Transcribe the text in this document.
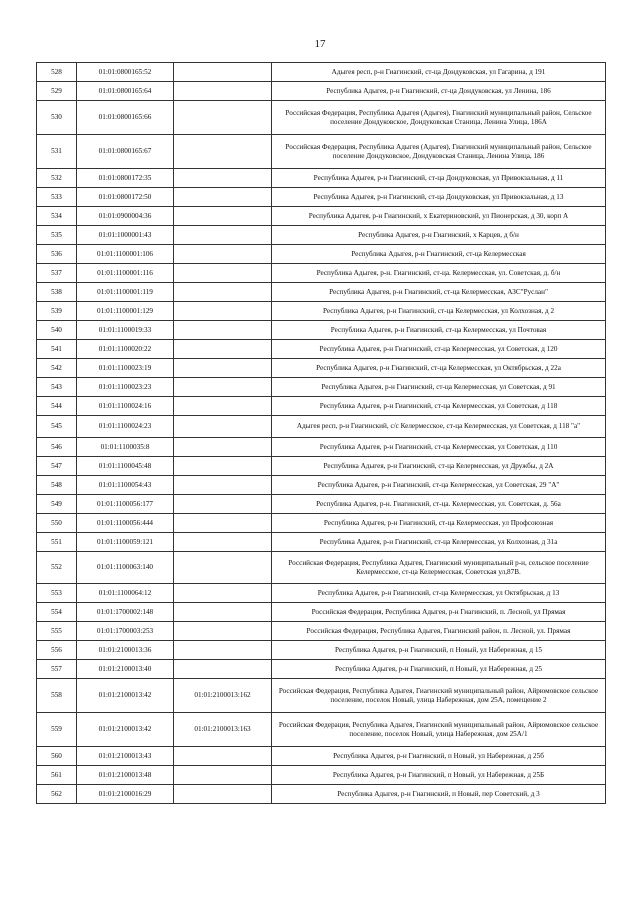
17
528	01:01:0800165:52		Адыгея респ, р-н Гиагинский, ст-ца Дондуковская, ул Гагарина, д 191
529	01:01:0800165:64		Республика Адыгея, р-н Гиагинский, ст-ца Дондуковская, ул Ленина, 186
530	01:01:0800165:66		Российская Федерация, Республика Адыгея (Адыгея), Гиагинский муниципальный район, Сельское поселение Дондуковское, Дондуковская Станица, Ленина Улица, 186А
531	01:01:0800165:67		Российская Федерация, Республика Адыгея (Адыгея), Гиагинский муниципальный район, Сельское поселение Дондуковское, Дондуковская Станица, Ленина Улица, 186
532	01:01:0800172:35		Республика Адыгея, р-н Гиагинский, ст-ца Дондуковская, ул Привокзальная, д 11
533	01:01:0800172:50		Республика Адыгея, р-н Гиагинский, ст-ца Дондуковская, ул Привокзальная, д 13
534	01:01:0900004:36		Республика Адыгея, р-н Гиагинский, х Екатериновский, ул Пионерская, д 30, корп А
535	01:01:1000001:43		Республика Адыгея, р-н Гиагинский, х Карцев, д б/н
536	01:01:1100001:106		Республика Адыгея, р-н Гиагинский, ст-ца Келермесская
537	01:01:1100001:116		Республика Адыгея, р-н. Гиагинский, ст-ца. Келермесская, ул. Советская, д. б/н
538	01:01:1100001:119		Республика Адыгея, р-н Гиагинский, ст-ца Келермесская, АЗС"Руслан"
539	01:01:1100001:129		Республика Адыгея, р-н Гиагинский, ст-ца Келермесская, ул Колхозная, д 2
540	01:01:1100019:33		Республика Адыгея, р-н Гиагинский, ст-ца Келермесская, ул Почтовая
541	01:01:1100020:22		Республика Адыгея, р-н Гиагинский, ст-ца Келермесская, ул Советская, д 120
542	01:01:1100023:19		Республика Адыгея, р-н Гиагинский, ст-ца Келермесская, ул Октябрьская, д 22а
543	01:01:1100023:23		Республика Адыгея, р-н Гиагинский, ст-ца Келермесская, ул Советская, д 91
544	01:01:1100024:16		Республика Адыгея, р-н Гиагинский, ст-ца Келермесская, ул Советская, д 118
545	01:01:1100024:23		Адыгея респ, р-н Гиагинский, с/с Келермесское, ст-ца Келермесская, ул Советская, д 118 "а"
546	01:01:1100035:8		Республика Адыгея, р-н Гиагинский, ст-ца Келермесская, ул Советская, д 110
547	01:01:1100045:48		Республика Адыгея, р-н Гиагинский, ст-ца Келермесская, ул Дружбы, д 2А
548	01:01:1100054:43		Республика Адыгея, р-н Гиагинский, ст-ца Келермесская, ул Советская, 29 "А"
549	01:01:1100056:177		Республика Адыгея, р-н. Гиагинский, ст-ца. Келермесская, ул. Советская, д. 56а
550	01:01:1100056:444		Республика Адыгея, р-н Гиагинский, ст-ца Келермесская, ул Профсоюзная
551	01:01:1100059:121		Республика Адыгея, р-н Гиагинский, ст-ца Келермесская, ул Колхозная, д 31а
552	01:01:1100063:140		Российская Федерация, Республика Адыгея, Гиагинский муниципальный р-н, сельское поселение Келермесское, ст-ца Келермесская, Советская ул,87В.
553	01:01:1100064:12		Республика Адыгея, р-н Гиагинский, ст-ца Келермесская, ул Октябрьская, д 13
554	01:01:1700002:148		Российская Федерация, Республика Адыгея, р-н Гиагинский, п. Лесной, ул Прямая
555	01:01:1700003:253		Российская Федерация, Республика Адыгея, Гиагинский район, п. Лесной, ул. Прямая
556	01:01:2100013:36		Республика Адыгея, р-н Гиагинский, п Новый, ул Набережная, д 15
557	01:01:2100013:40		Республика Адыгея, р-н Гиагинский, п Новый, ул Набережная, д 25
558	01:01:2100013:42	01:01:2100013:162	Российская Федерация, Республика Адыгея, Гиагинский муниципальный район, Айрюмовское сельское поселение, поселок Новый, улица Набережная, дом 25А, помещение 2
559	01:01:2100013:42	01:01:2100013:163	Российская Федерация, Республика Адыгея, Гиагинский муниципальный район, Айрюмовское сельское поселение, поселок Новый, улица Набережная, дом 25А/1
560	01:01:2100013:43		Республика Адыгея, р-н Гиагинский, п Новый, ул Набережная, д 25б
561	01:01:2100013:48		Республика Адыгея, р-н Гиагинский, п Новый, ул Набережная, д 25Б
562	01:01:2100016:29		Республика Адыгея, р-н Гиагинский, п Новый, пер Советский, д 3
